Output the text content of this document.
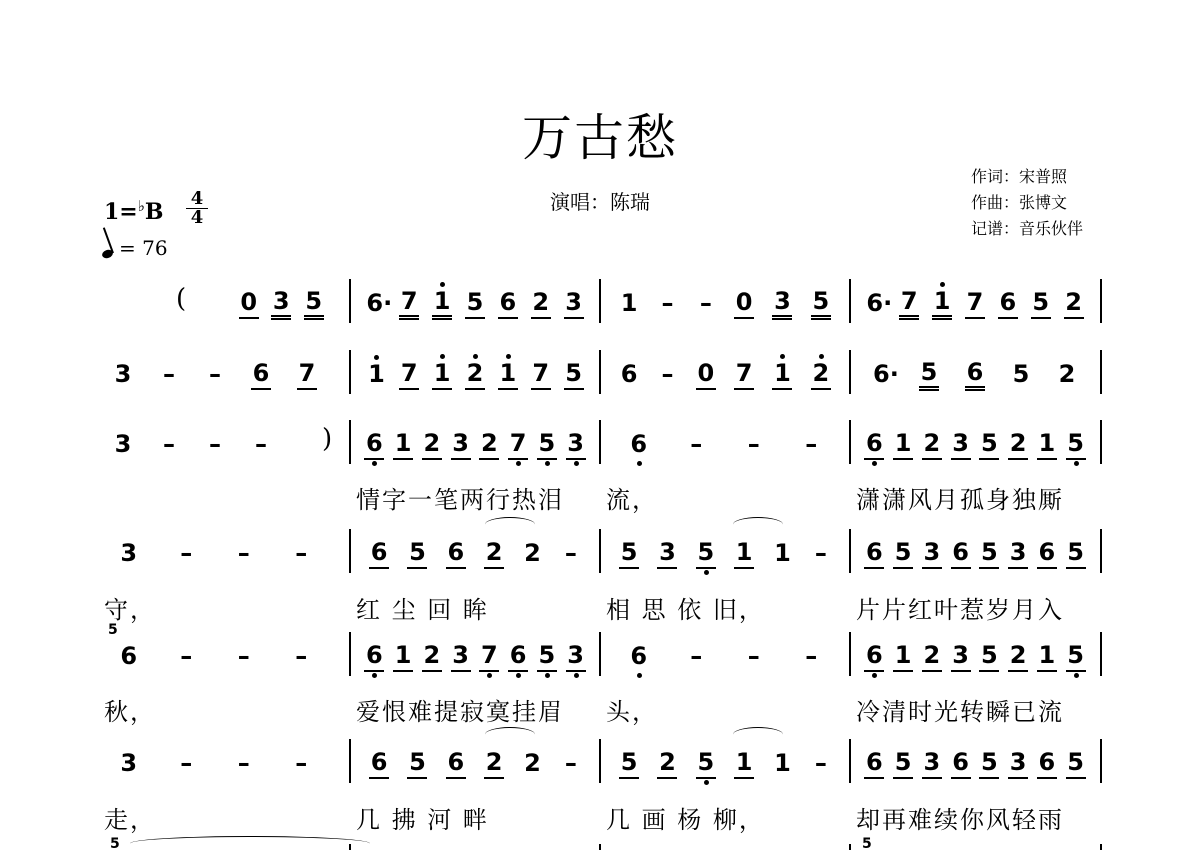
万古愁
演唱：陈瑞
作词：宋普照
作曲：张博文
记谱：音乐伙伴
$1=^♭B \frac{4}{4}$
= 76
0 3 5 6· 7 1 5 6 2 3 1 – – 0 3 5 6· 7 1 7 6 5 2
3 – – 6 7 1 7 1 2 1 7 5 6 – 0 7 1 2 6· 5 6 5 2
3 – – –	6 1 2 3 2 7 5 3 6 – – – 6 1 2 3 5 2 1 5
情字一笔两行热泪 流，	潇潇风月孤身独厮
3 – – –	6 5 6 2 2 – 5 3 5 1 1 – 6 5 3 6 5 3 6 5
守，	红 尘 回 眸	相 思 依 旧，	片片红叶惹岁月入
6 – – – 6 1 2 3 7 6 5 3 6 – – – 6 1 2 3 5 2 1 5
秋，	爱恨难提寂寞挂眉 头，	冷清时光转瞬已流
3 – – –	6 5 6 2 2 – 5 2 5 1 1 – 6 5 3 6 5 3 6 5
走，	几 拂 河 畔	几 画 杨 柳，	却再难续你风轻雨
(
)
5
5	5
